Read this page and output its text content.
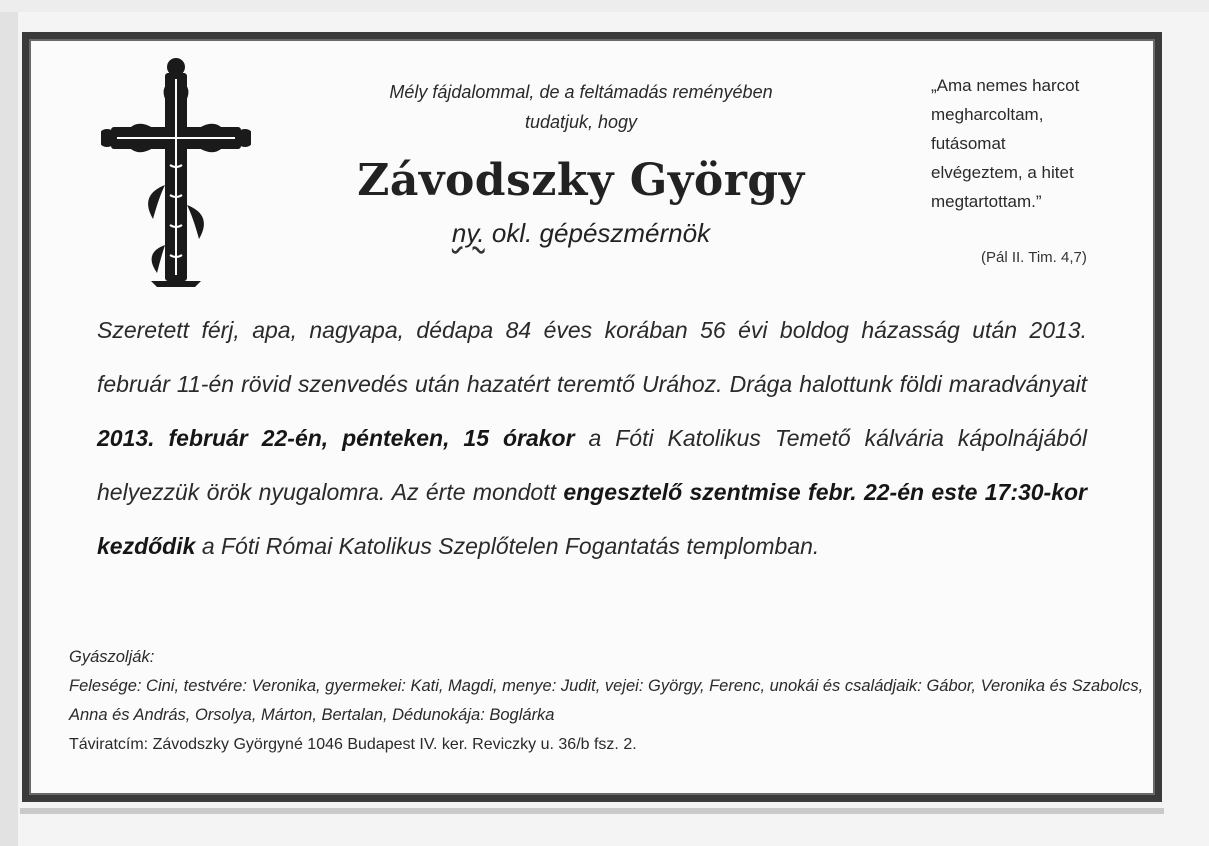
Mély fájdalommal, de a feltámadás reményében
tudatjuk, hogy
Závodszky György
ny. okl. gépészmérnök
„Ama nemes harcot
megharcoltam,
futásomat
elvégeztem, a hitet
megtartottam.”
(Pál II. Tim. 4,7)
Szeretett férj, apa, nagyapa, dédapa 84 éves korában 56 évi boldog házasság után 2013. február 11-én rövid szenvedés után hazatért teremtő Urához. Drága halottunk földi maradványait 2013. február 22-én, pénteken, 15 órakor a Fóti Katolikus Temető kálvária kápolnájából helyezzük örök nyugalomra. Az érte mondott engesztelő szentmise febr. 22-én este 17:30-kor kezdődik a Fóti Római Katolikus Szeplőtelen Fogantatás templomban.
Gyászolják:
Felesége: Cini, testvére: Veronika, gyermekei: Kati, Magdi, menye: Judit, vejei: György, Ferenc, unokái és családjaik: Gábor, Veronika és Szabolcs, Anna és András, Orsolya, Márton, Bertalan, Dédunokája: Boglárka
Táviratcím: Závodszky Györgyné 1046 Budapest IV. ker. Reviczky u. 36/b fsz. 2.
